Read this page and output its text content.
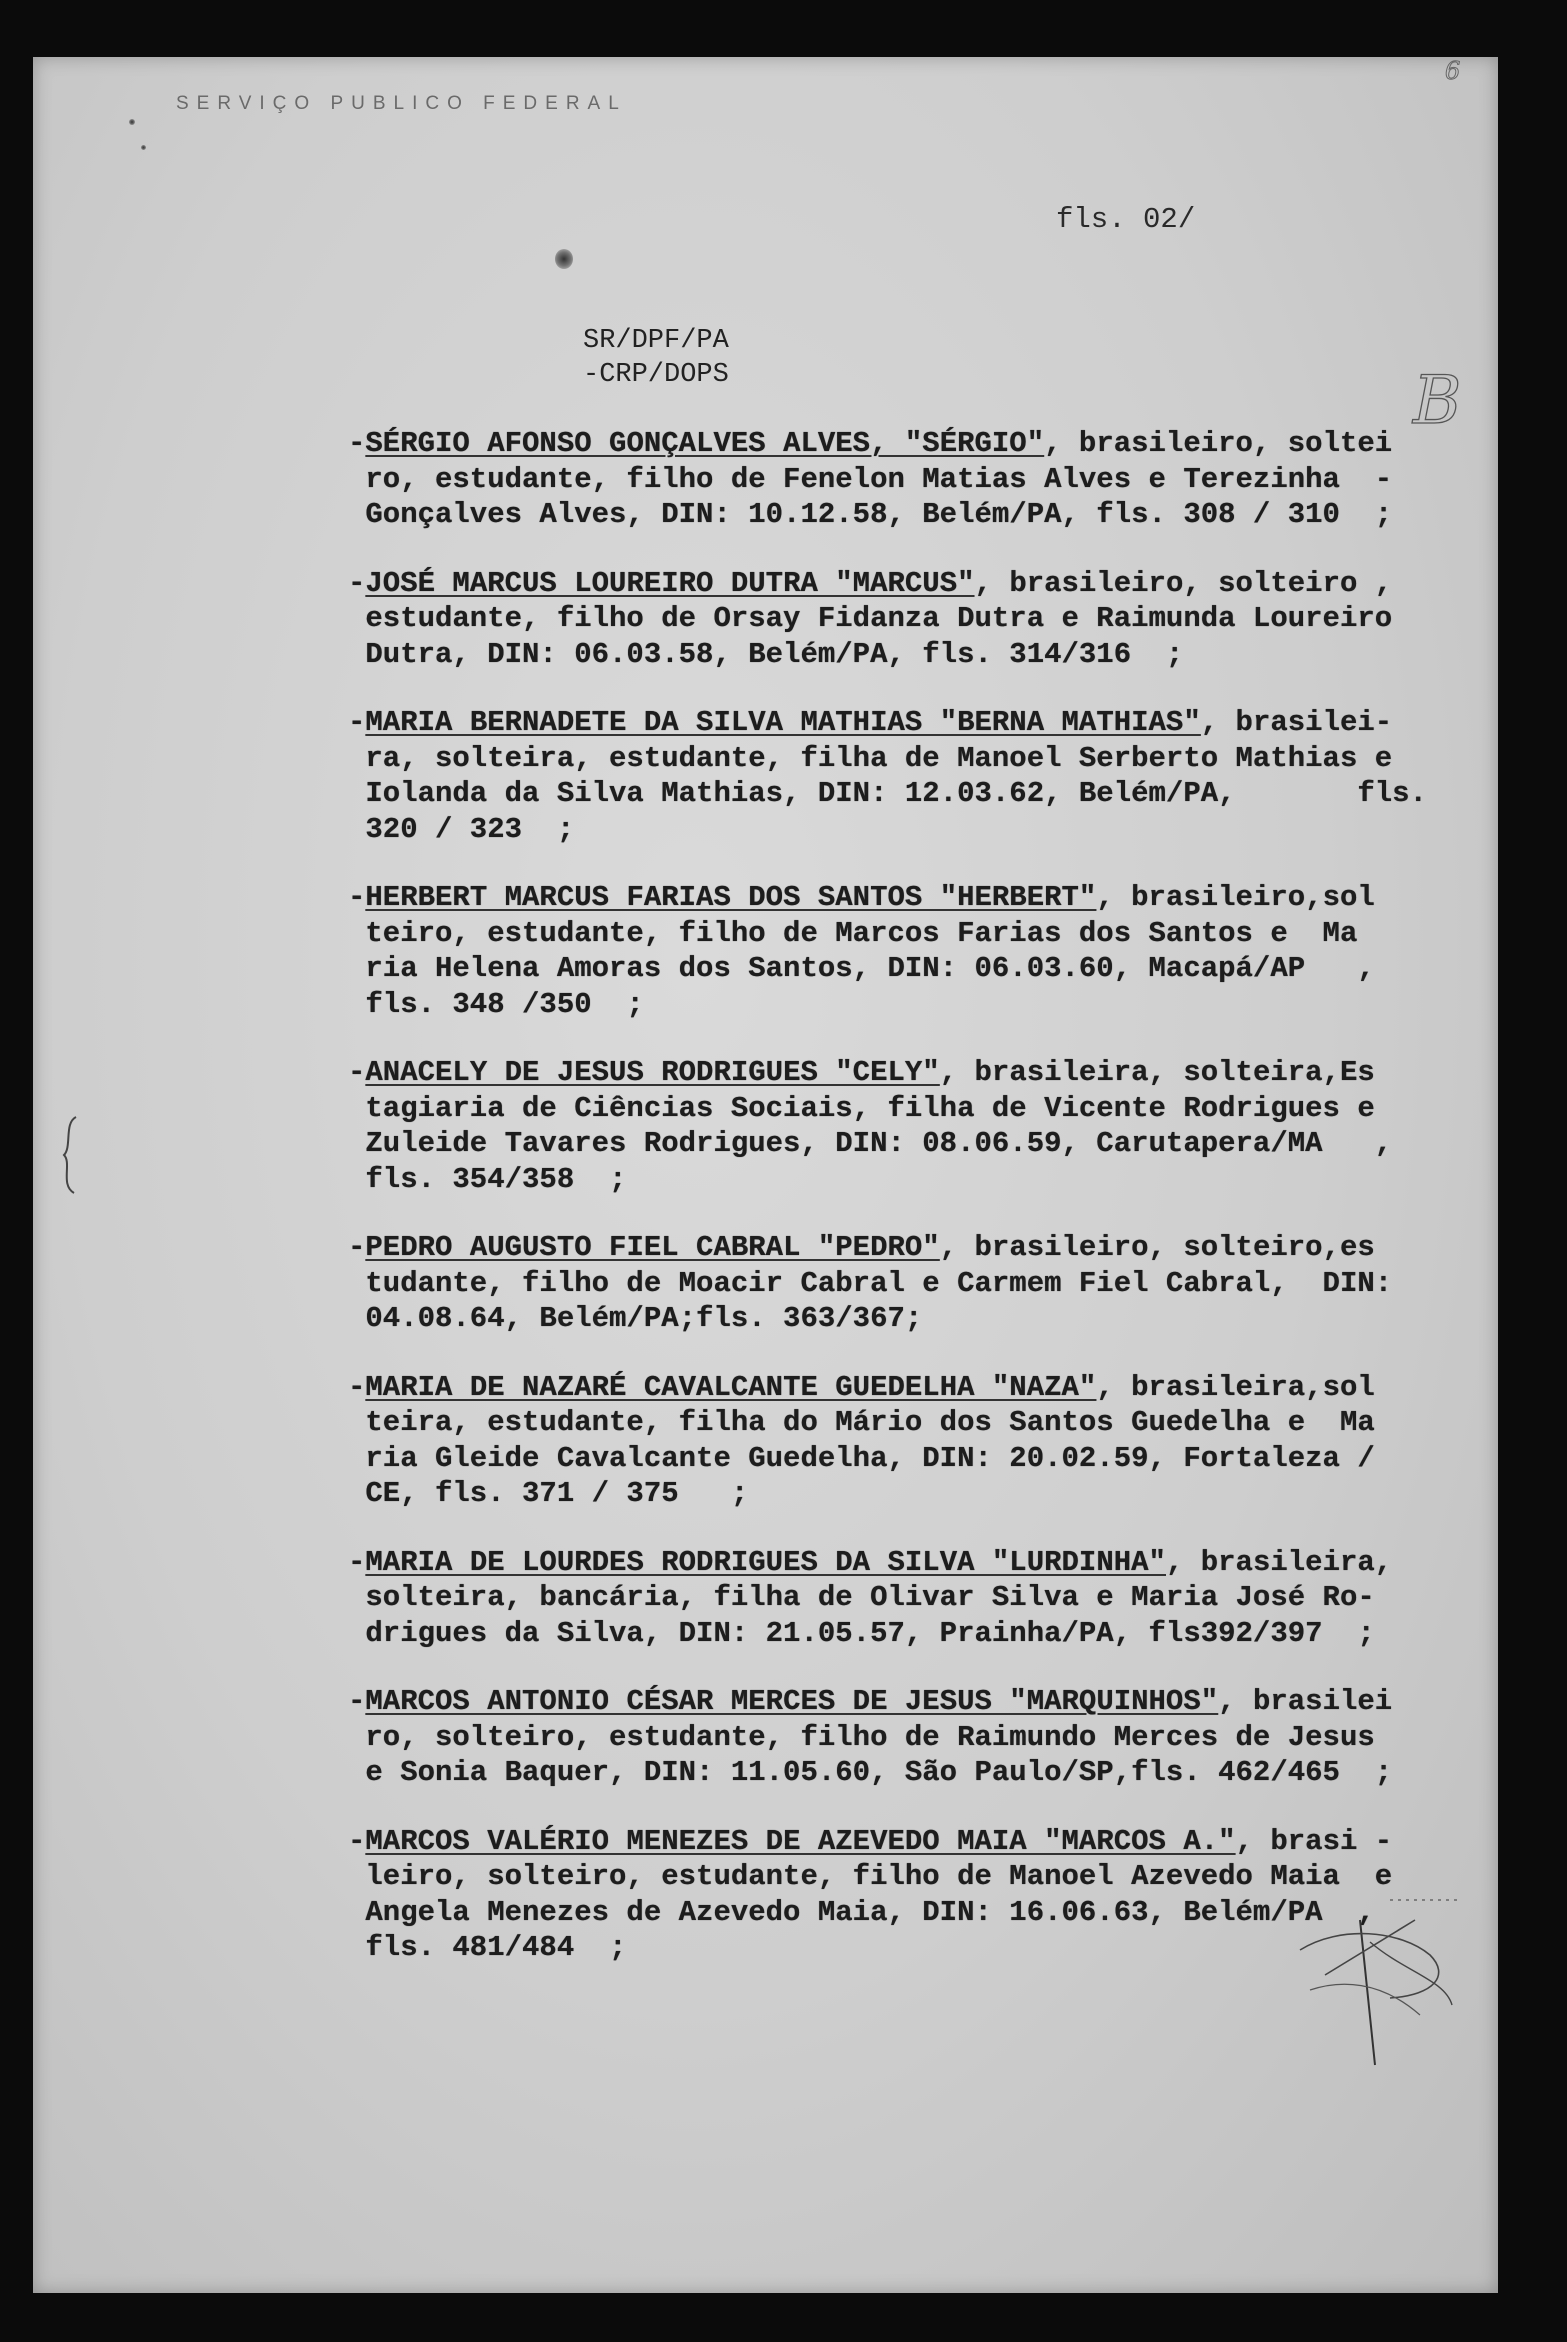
SERVIÇO PUBLICO FEDERAL
6
fls. 02/
SR/DPF/PA
-CRP/DOPS	B
-SÉRGIO AFONSO GONÇALVES ALVES, "SÉRGIO", brasileiro, soltei
ro, estudante, filho de Fenelon Matias Alves e Terezinha  -
Gonçalves Alves, DIN: 10.12.58, Belém/PA, fls. 308 / 310  ;
-JOSÉ MARCUS LOUREIRO DUTRA "MARCUS", brasileiro, solteiro ,
estudante, filho de Orsay Fidanza Dutra e Raimunda Loureiro
Dutra, DIN: 06.03.58, Belém/PA, fls. 314/316  ;
-MARIA BERNADETE DA SILVA MATHIAS "BERNA MATHIAS", brasilei-
ra, solteira, estudante, filha de Manoel Serberto Mathias e
Iolanda da Silva Mathias, DIN: 12.03.62, Belém/PA,       fls.
320 / 323  ;
-HERBERT MARCUS FARIAS DOS SANTOS "HERBERT", brasileiro,sol
teiro, estudante, filho de Marcos Farias dos Santos e  Ma
ria Helena Amoras dos Santos, DIN: 06.03.60, Macapá/AP   ,
fls. 348 /350  ;
-ANACELY DE JESUS RODRIGUES "CELY", brasileira, solteira,Es
tagiaria de Ciências Sociais, filha de Vicente Rodrigues e
Zuleide Tavares Rodrigues, DIN: 08.06.59, Carutapera/MA   ,
fls. 354/358  ;
-PEDRO AUGUSTO FIEL CABRAL "PEDRO", brasileiro, solteiro,es
tudante, filho de Moacir Cabral e Carmem Fiel Cabral,  DIN:
04.08.64, Belém/PA;fls. 363/367;
-MARIA DE NAZARÉ CAVALCANTE GUEDELHA "NAZA", brasileira,sol
teira, estudante, filha do Mário dos Santos Guedelha e  Ma
ria Gleide Cavalcante Guedelha, DIN: 20.02.59, Fortaleza /
CE, fls. 371 / 375   ;
-MARIA DE LOURDES RODRIGUES DA SILVA "LURDINHA", brasileira,
solteira, bancária, filha de Olivar Silva e Maria José Ro-
drigues da Silva, DIN: 21.05.57, Prainha/PA, fls392/397  ;
-MARCOS ANTONIO CÉSAR MERCES DE JESUS "MARQUINHOS", brasilei
ro, solteiro, estudante, filho de Raimundo Merces de Jesus
e Sonia Baquer, DIN: 11.05.60, São Paulo/SP,fls. 462/465  ;
-MARCOS VALÉRIO MENEZES DE AZEVEDO MAIA "MARCOS A.", brasi -
leiro, solteiro, estudante, filho de Manoel Azevedo Maia  e
Angela Menezes de Azevedo Maia, DIN: 16.06.63, Belém/PA  ,
fls. 481/484  ;
